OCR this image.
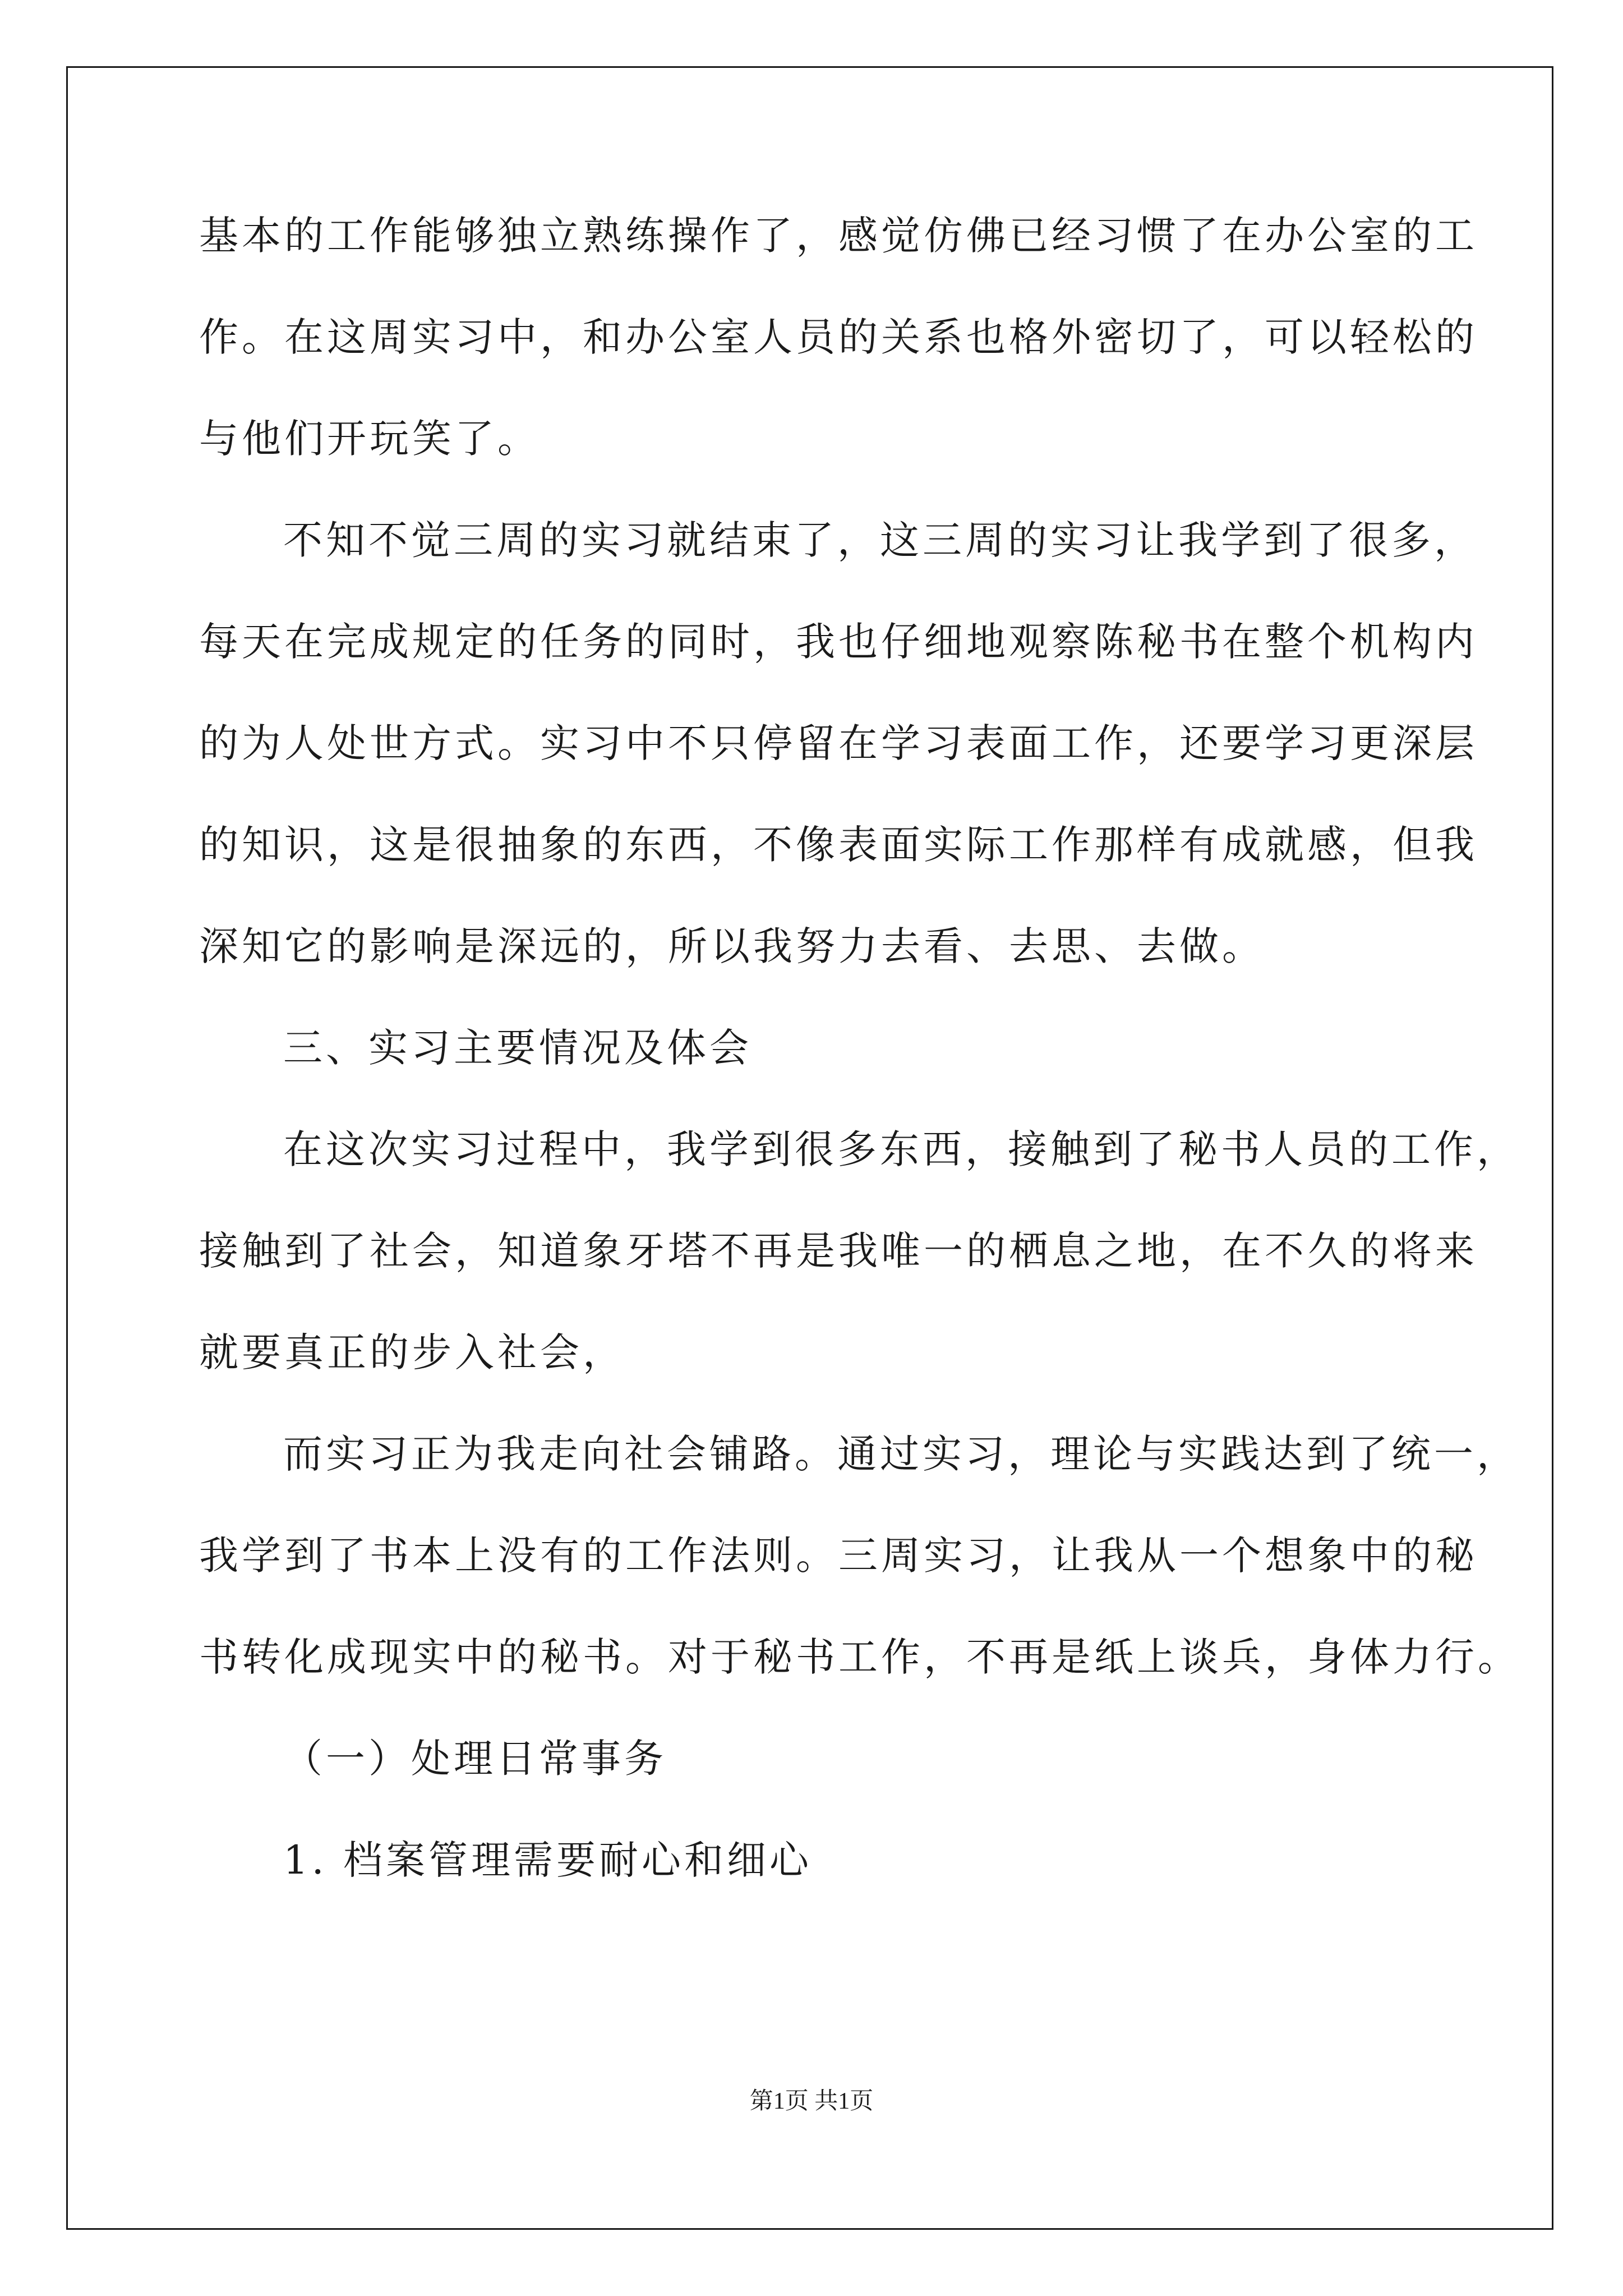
基本的工作能够独立熟练操作了，感觉仿佛已经习惯了在办公室的工
作。在这周实习中，和办公室人员的关系也格外密切了，可以轻松的
与他们开玩笑了。
不知不觉三周的实习就结束了，这三周的实习让我学到了很多，
每天在完成规定的任务的同时，我也仔细地观察陈秘书在整个机构内
的为人处世方式。实习中不只停留在学习表面工作，还要学习更深层
的知识，这是很抽象的东西，不像表面实际工作那样有成就感，但我
深知它的影响是深远的，所以我努力去看、去思、去做。
三、实习主要情况及体会
在这次实习过程中，我学到很多东西，接触到了秘书人员的工作，
接触到了社会，知道象牙塔不再是我唯一的栖息之地，在不久的将来
就要真正的步入社会，
而实习正为我走向社会铺路。通过实习，理论与实践达到了统一，
我学到了书本上没有的工作法则。三周实习，让我从一个想象中的秘
书转化成现实中的秘书。对于秘书工作，不再是纸上谈兵，身体力行。
（一）处理日常事务
1. 档案管理需要耐心和细心
第1页 共1页
